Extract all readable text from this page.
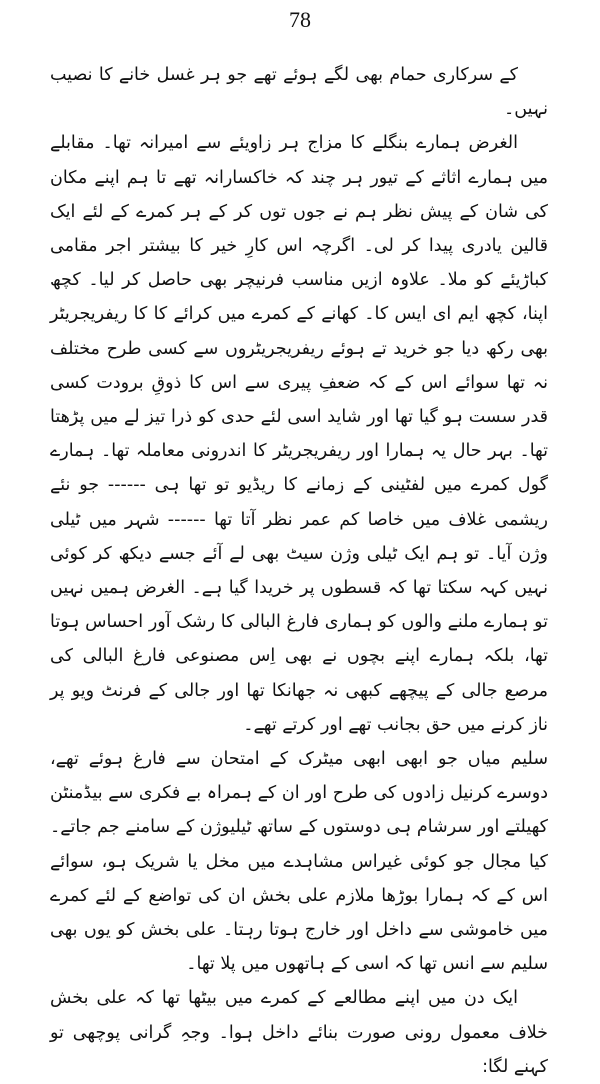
78

کے سرکاری حمام بھی لگے ہوئے تھے جو ہر غسل خانے کا نصیب نہیں۔

الغرض ہمارے بنگلے کا مزاج ہر زاویئے سے امیرانہ تھا۔ مقابلے میں ہمارے اثاثے کے تیور ہر چند کہ خاکسارانہ تھے تا ہم اپنے مکان کی شان کے پیش نظر ہم نے جوں توں کر کے ہر کمرے کے لئے ایک قالین یادری پیدا کر لی۔ اگرچہ اس کارِ خیر کا بیشتر اجر مقامی کباڑیئے کو ملا۔ علاوہ ازیں مناسب فرنیچر بھی حاصل کر لیا۔ کچھ اپنا، کچھ ایم ای ایس کا۔ کھانے کے کمرے میں کرائے کا کا ریفریجریٹر بھی رکھ دیا جو خرید تے ہوئے ریفریجریٹروں سے کسی طرح مختلف نہ تھا سوائے اس کے کہ ضعفِ پیری سے اس کا ذوقِ برودت کسی قدر سست ہو گیا تھا اور شاید اسی لئے حدی کو ذرا تیز لے میں پڑھتا تھا۔ بہر حال یہ ہمارا اور ریفریجریٹر کا اندرونی معاملہ تھا۔ ہمارے گول کمرے میں لفٹینی کے زمانے کا ریڈیو تو تھا ہی ------ جو نئے ریشمی غلاف میں خاصا کم عمر نظر آتا تھا ------ شہر میں ٹیلی وژن آیا۔ تو ہم ایک ٹیلی وژن سیٹ بھی لے آئے جسے دیکھ کر کوئی نہیں کہہ سکتا تھا کہ قسطوں پر خریدا گیا ہے۔ الغرض ہمیں نہیں تو ہمارے ملنے والوں کو ہماری فارغ البالی کا رشک آور احساس ہوتا تھا، بلکہ ہمارے اپنے بچوں نے بھی اِس مصنوعی فارغ البالی کی مرصع جالی کے پیچھے کبھی نہ جھانکا تھا اور جالی کے فرنٹ ویو پر ناز کرنے میں حق بجانب تھے اور کرتے تھے۔

سلیم میاں جو ابھی ابھی میٹرک کے امتحان سے فارغ ہوئے تھے، دوسرے کرنیل زادوں کی طرح اور ان کے ہمراہ بے فکری سے بیڈمنٹن کھیلتے اور سرشام ہی دوستوں کے ساتھ ٹیلیوژن کے سامنے جم جاتے۔ کیا مجال جو کوئی غیراس مشاہدے میں مخل یا شریک ہو، سوائے اس کے کہ ہمارا بوڑھا ملازم علی بخش ان کی تواضع کے لئے کمرے میں خاموشی سے داخل اور خارج ہوتا رہتا۔ علی بخش کو یوں بھی سلیم سے انس تھا کہ اسی کے ہاتھوں میں پلا تھا۔

ایک دن میں اپنے مطالعے کے کمرے میں بیٹھا تھا کہ علی بخش خلاف معمول رونی صورت بنائے داخل ہوا۔ وجہِ گرانی پوچھی تو کہنے لگا:
